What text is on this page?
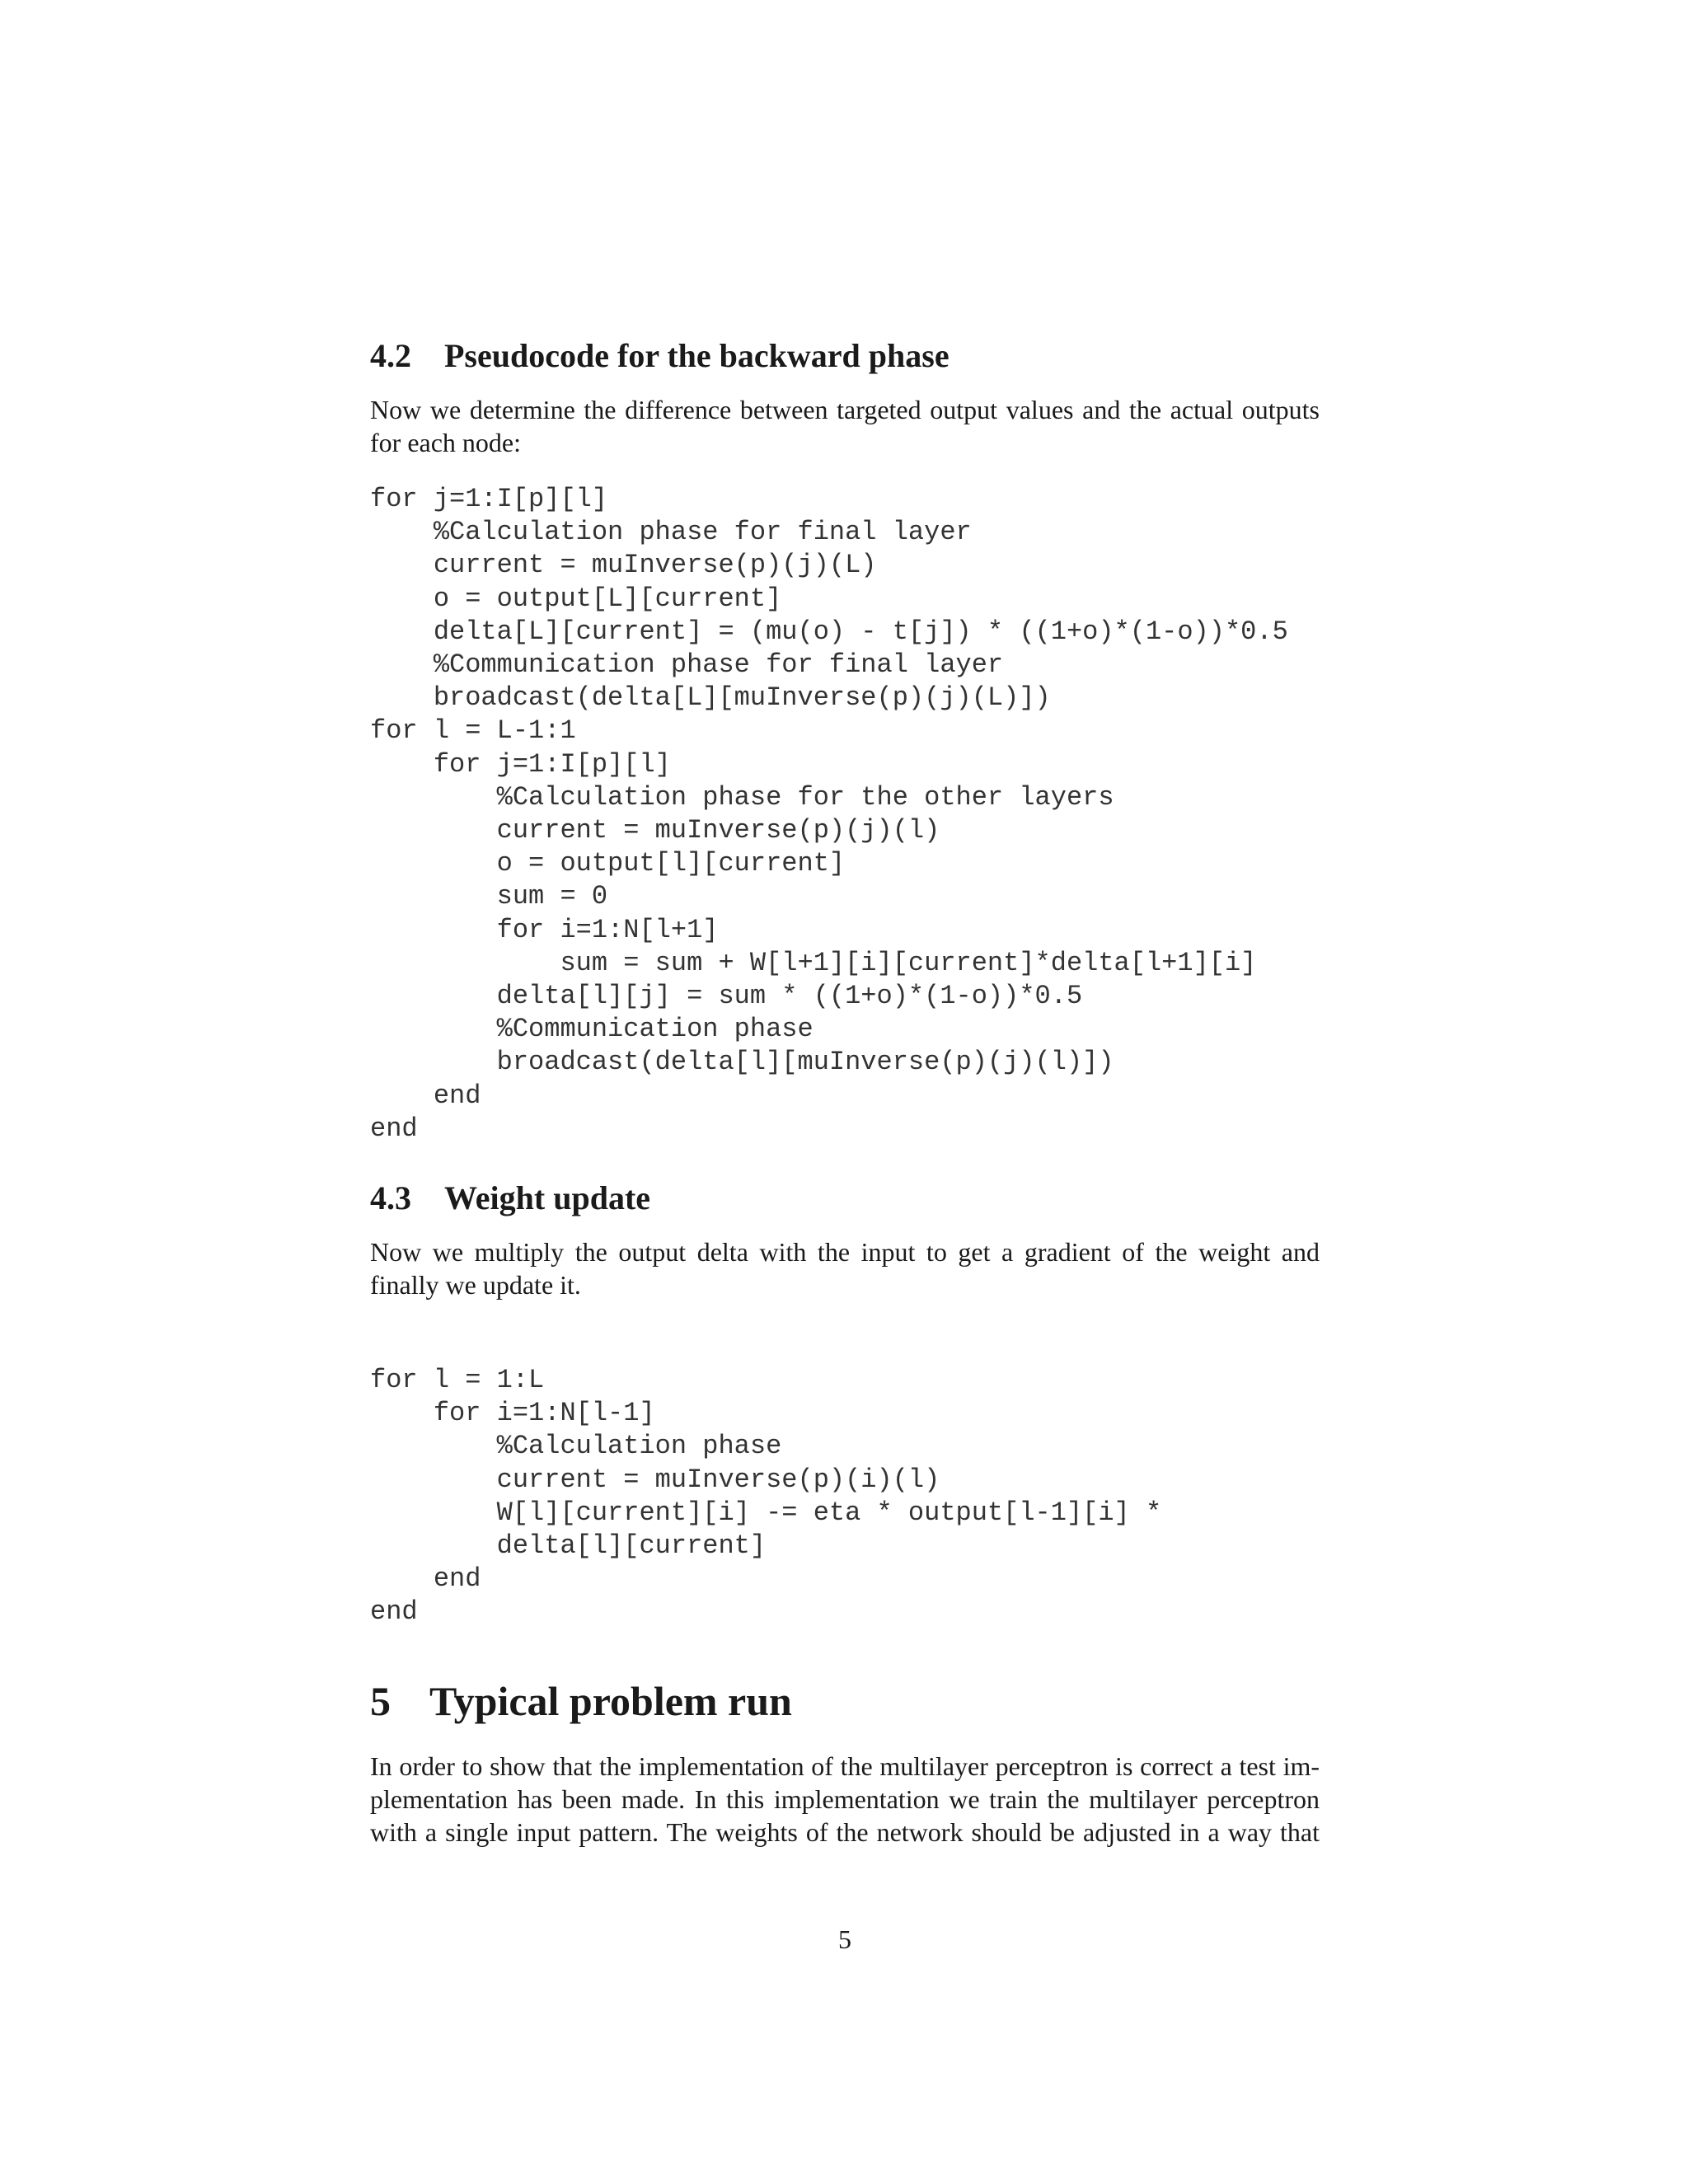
4.2 Pseudocode for the backward phase

Now we determine the difference between targeted output values and the actual outputs
for each node:

for j=1:I[p][l]
%Calculation phase for final layer
current = muInverse(p)(j)(L)
o = output[L][current]
delta[L][current] = (mu(o) - t[j]) * ((1+o)*(1-o))*0.5
%Communication phase for final layer
broadcast(delta[L][muInverse(p)(j)(L)])
for l = L-1:1
for j=1:I[p][l]
%Calculation phase for the other layers
current = muInverse(p)(j)(l)
o = output[l][current]
sum = 0
for i=1:N[l+1]
sum = sum + W[l+1][i][current]*delta[l+1][i]
delta[l][j] = sum * ((1+o)*(1-o))*0.5
%Communication phase
broadcast(delta[l][muInverse(p)(j)(l)])
end
end
4.3 Weight update

Now we multiply the output delta with the input to get a gradient of the weight and
finally we update it.

for l = 1:L
for i=1:N[l-1]
%Calculation phase
current = muInverse(p)(i)(l)
W[l][current][i] -= eta * output[l-1][i] *
delta[l][current]
end
end
5 Typical problem run

In order to show that the implementation of the multilayer perceptron is correct a test im-
plementation has been made. In this implementation we train the multilayer perceptron
with a single input pattern. The weights of the network should be adjusted in a way that

5
